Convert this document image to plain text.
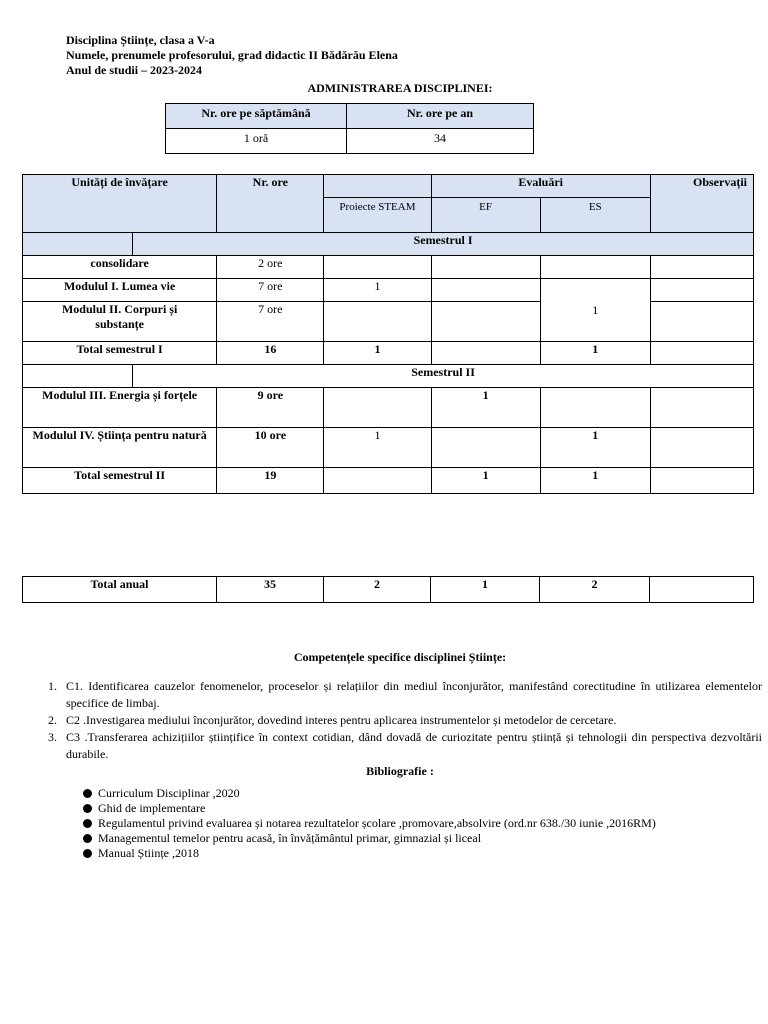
Disciplina Științe, clasa a V-a
Numele, prenumele profesorului, grad didactic II Bădărău Elena
Anul de studii – 2023-2024
ADMINISTRAREA DISCIPLINEI:
Nr. ore pe săptămână	Nr. ore pe an
1 oră	34
Unități de învățare		Nr. ore		Evaluări		Observații
			Proiecte STEAM	EF	ES	
	Semestrul I					
consolidare		2 ore				
Modulul I. Lumea vie		7 ore	1		1	
Modulul II. Corpuri și substanțe		7 ore				
Total semestrul I		16	1		1	
	Semestrul II					
Modulul III. Energia și forțele		9 ore		1		
Modulul IV. Știința pentru natură		10 ore	1		1	
Total semestrul II		19		1	1	
Total anual	35	2	1	2	
Competențele specifice disciplinei Științe:
1. C1. Identificarea cauzelor fenomenelor, proceselor și relațiilor din mediul înconjurător, manifestând corectitudine în utilizarea elementelor specifice de limbaj.
2. C2 .Investigarea mediului înconjurător, dovedind interes pentru aplicarea instrumentelor și metodelor de cercetare.
3. C3 .Transferarea achizițiilor științifice în context cotidian, dând dovadă de curiozitate pentru știință și tehnologii din perspectiva dezvoltării durabile.
Bibliografie :
Curriculum Disciplinar ,2020
Ghid de implementare
Regulamentul privind evaluarea și notarea rezultatelor școlare ,promovare,absolvire (ord.nr 638./30 iunie ,2016RM)
Managementul temelor pentru acasă, în învățământul primar, gimnazial și liceal
Manual Științe ,2018
